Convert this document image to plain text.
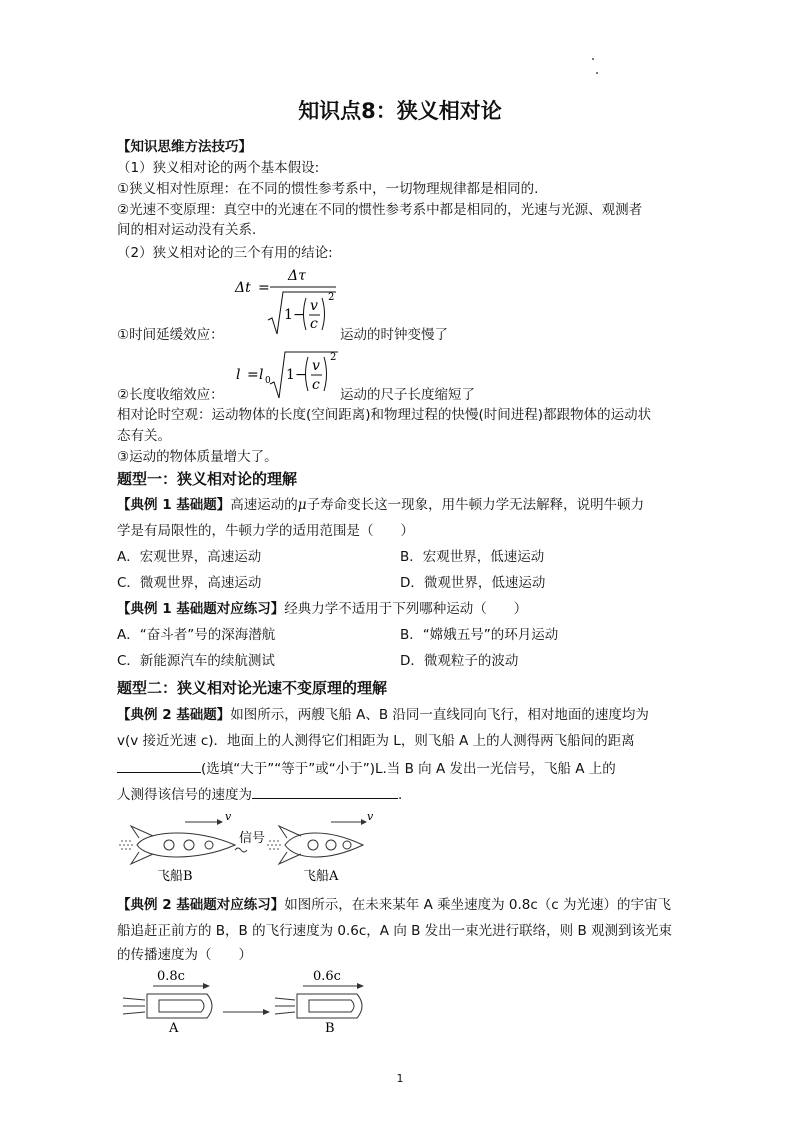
知识点8：狭义相对论
【知识思维方法技巧】
（1）狭义相对论的两个基本假设:
①狭义相对性原理：在不同的惯性参考系中，一切物理规律都是相同的.
②光速不变原理：真空中的光速在不同的惯性参考系中都是相同的，光速与光源、观测者
间的相对运动没有关系.
（2）狭义相对论的三个有用的结论:
Δt =
Δτ
1 −
v
c
2
①时间延缓效应：	运动的时钟变慢了
l = l 0 1 −
v
c
2
②长度收缩效应：	运动的尺子长度缩短了
相对论时空观：运动物体的长度(空间距离)和物理过程的快慢(时间进程)都跟物体的运动状
态有关。
③运动的物体质量增大了。
题型一：狭义相对论的理解
【典例 1 基础题】高速运动的μ子寿命变长这一现象，用牛顿力学无法解释，说明牛顿力
学是有局限性的，牛顿力学的适用范围是（　　）
A．宏观世界，高速运动	B．宏观世界，低速运动
C．微观世界，高速运动	D．微观世界，低速运动
【典例 1 基础题对应练习】经典力学不适用于下列哪种运动（　　）
A．“奋斗者”号的深海潜航	B．“嫦娥五号”的环月运动
C．新能源汽车的续航测试	D．微观粒子的波动
题型二：狭义相对论光速不变原理的理解
【典例 2 基础题】如图所示，两艘飞船 A、B 沿同一直线同向飞行，相对地面的速度均为
v(v 接近光速 c)．地面上的人测得它们相距为 L，则飞船 A 上的人测得两飞船间的距离
(选填“大于”“等于”或“小于”)L.当 B 向 A 发出一光信号，飞船 A 上的
人测得该信号的速度为	.
v
信号
v
飞船B	飞船A
【典例 2 基础题对应练习】如图所示，在未来某年 A 乘坐速度为 0.8c（c 为光速）的宇宙飞
船追赶正前方的 B，B 的飞行速度为 0.6c，A 向 B 发出一束光进行联络，则 B 观测到该光束
的传播速度为（　　）
0.8c
A
0.6c
B
1
